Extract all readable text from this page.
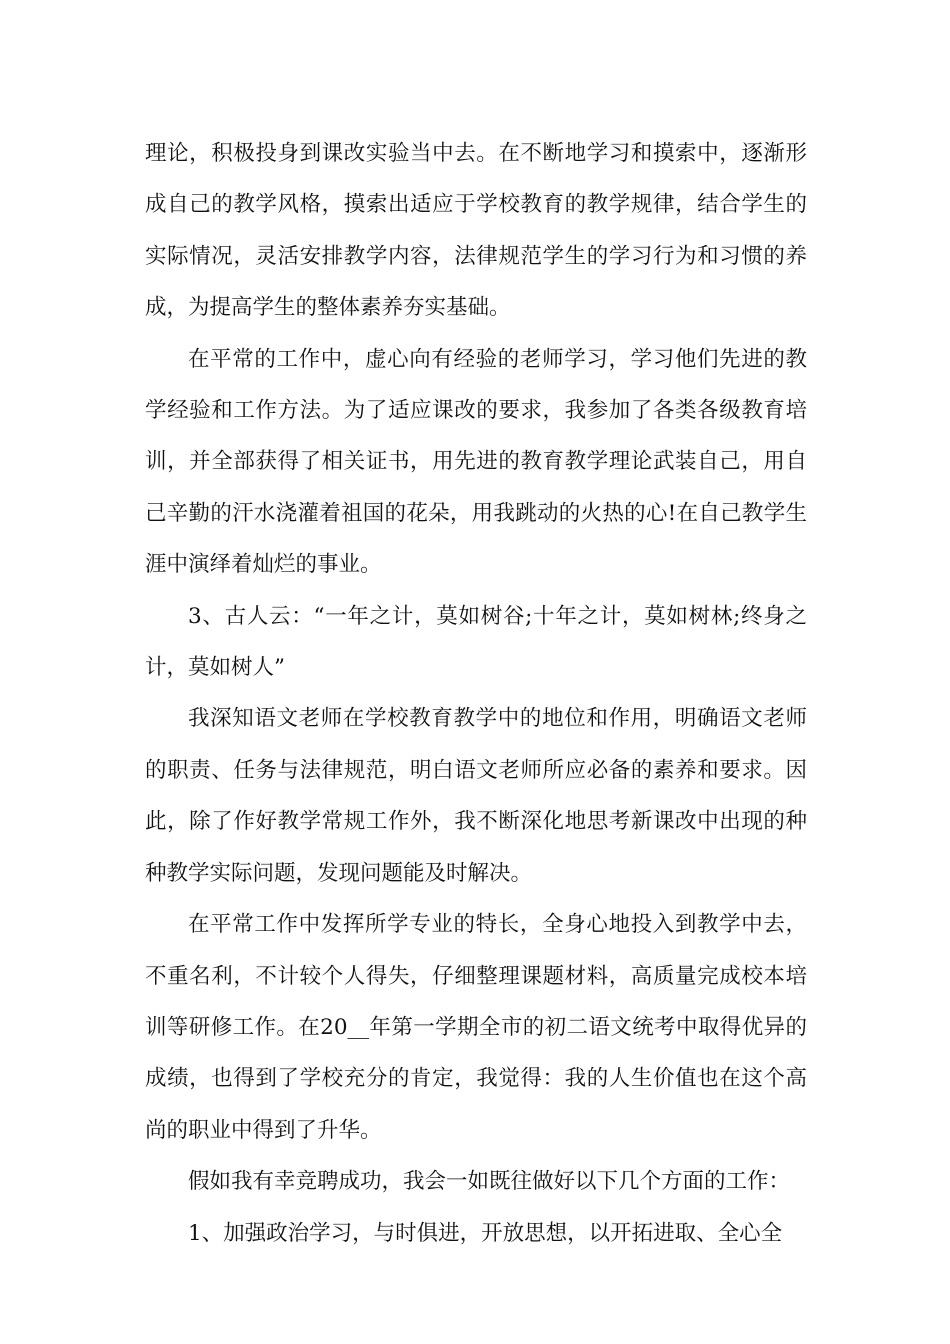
理论，积极投身到课改实验当中去。在不断地学习和摸索中，逐渐形成自己的教学风格，摸索出适应于学校教育的教学规律，结合学生的实际情况，灵活安排教学内容，法律规范学生的学习行为和习惯的养成，为提高学生的整体素养夯实基础。

在平常的工作中，虚心向有经验的老师学习，学习他们先进的教学经验和工作方法。为了适应课改的要求，我参加了各类各级教育培训，并全部获得了相关证书，用先进的教育教学理论武装自己，用自己辛勤的汗水浇灌着祖国的花朵，用我跳动的火热的心!在自己教学生涯中演绎着灿烂的事业。

3、古人云：“一年之计，莫如树谷;十年之计，莫如树林;终身之计，莫如树人”

我深知语文老师在学校教育教学中的地位和作用，明确语文老师的职责、任务与法律规范，明白语文老师所应必备的素养和要求。因此，除了作好教学常规工作外，我不断深化地思考新课改中出现的种种教学实际问题，发现问题能及时解决。

在平常工作中发挥所学专业的特长，全身心地投入到教学中去，不重名利，不计较个人得失，仔细整理课题材料，高质量完成校本培训等研修工作。在20__年第一学期全市的初二语文统考中取得优异的成绩，也得到了学校充分的肯定，我觉得：我的人生价值也在这个高尚的职业中得到了升华。

假如我有幸竞聘成功，我会一如既往做好以下几个方面的工作：

1、加强政治学习，与时俱进，开放思想，以开拓进取、全心全
